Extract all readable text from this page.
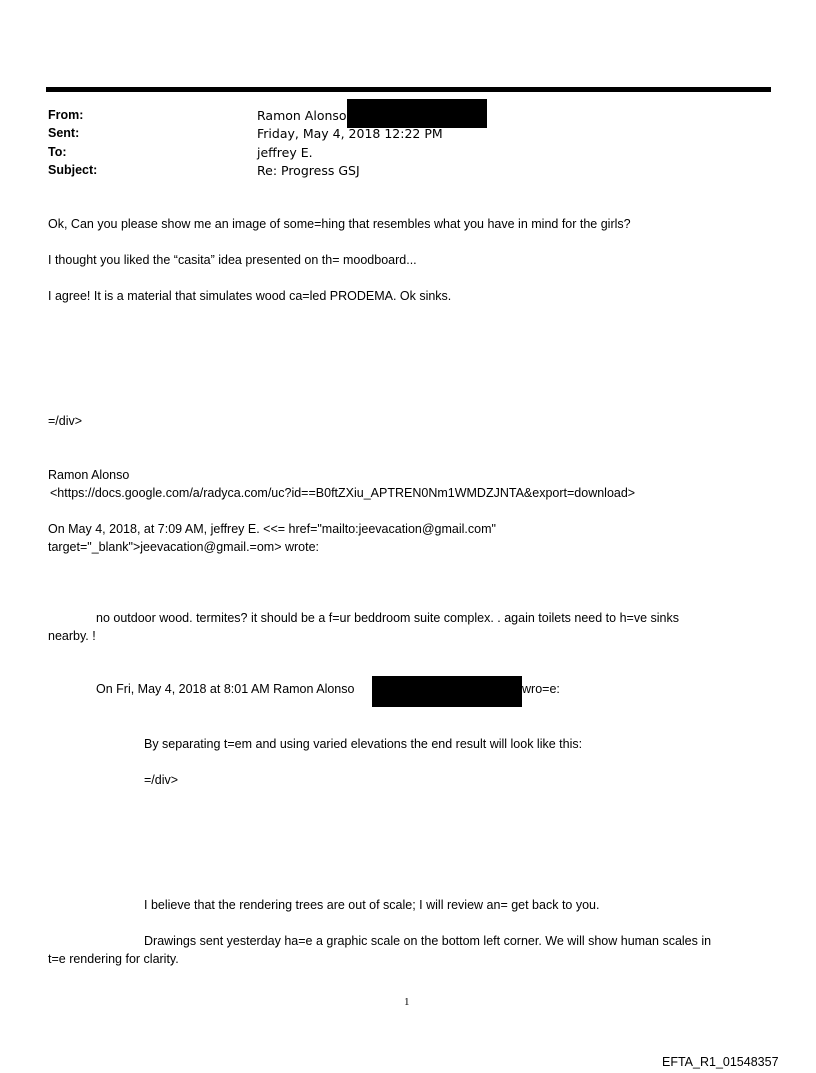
From:	Ramon Alonso
Sent:	Friday, May 4, 2018 12:22 PM
To:	jeffrey E.
Subject:	Re: Progress GSJ
Ok, Can you please show me an image of some=hing that resembles what you have in mind for the girls?
I thought you liked the “casita” idea presented on th= moodboard...
I agree! It is a material that simulates wood ca=led PRODEMA. Ok sinks.
=/div>
Ramon Alonso
<https://docs.google.com/a/radyca.com/uc?id==B0ftZXiu_APTREN0Nm1WMDZJNTA&export=download>
On May 4, 2018, at 7:09 AM, jeffrey E. <<= href="mailto:jeevacation@gmail.com"
target="_blank">jeevacation@gmail.=om> wrote:
no outdoor wood. termites? it should be a f=ur beddroom suite complex. . again toilets need to h=ve sinks
nearby. !
On Fri, May 4, 2018 at 8:01 AM Ramon Alonso	wro=e:
By separating t=em and using varied elevations the end result will look like this:
=/div>
I believe that the rendering trees are out of scale; I will review an= get back to you.
Drawings sent yesterday ha=e a graphic scale on the bottom left corner. We will show human scales in
t=e rendering for clarity.
1
EFTA_R1_01548357
